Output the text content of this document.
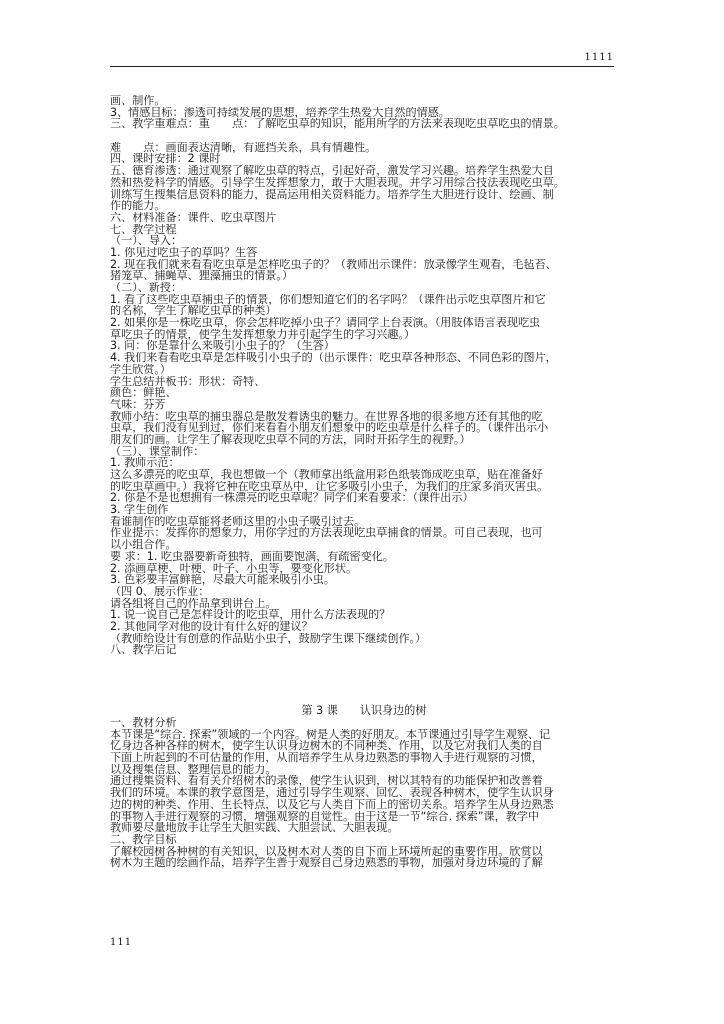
1111
画、制作。
3、情感目标：渗透可持续发展的思想，培养学生热爱大自然的情感。
三、教学重难点：重　　点：了解吃虫草的知识，能用所学的方法来表现吃虫草吃虫的情景。
难　　点：画面表达清晰，有遮挡关系，具有情趣性。
四、课时安排：2 课时
五、德育渗透：通过观察了解吃虫草的特点，引起好奇，激发学习兴趣。培养学生热爱大自
然和热爱科学的情感。引导学生发挥想象力，敢于大胆表现。并学习用综合技法表现吃虫草。
训练写生搜集信息资料的能力，提高运用相关资料能力。培养学生大胆进行设计、绘画、制
作的能力。
六、材料准备：课件、吃虫草图片
七、教学过程
（一）、导入：
1. 你见过吃虫子的草吗？生答
2. 现在我们就来看看吃虫草是怎样吃虫子的？（教师出示课件：放录像学生观看，毛毡苔、
猪笼草、捕蝇草、狸藻捕虫的情景。）
（二）、新授：
1. 看了这些吃虫草捕虫子的情景，你们想知道它们的名字吗？（课件出示吃虫草图片和它
的名称，学生了解吃虫草的种类）
2. 如果你是一株吃虫草，你会怎样吃掉小虫子？请同学上台表演。（用肢体语言表现吃虫
草吃虫子的情景，使学生发挥想象力并引起学生的学习兴趣。）
3. 问：你是靠什么来吸引小虫子的？（生答）
4. 我们来看看吃虫草是怎样吸引小虫子的（出示课件：吃虫草各种形态、不同色彩的图片，
学生欣赏。）
学生总结并板书：形状：奇特、
颜色：鲜艳、
气味：芬芳
教师小结：吃虫草的捕虫器总是散发着诱虫的魅力。在世界各地的很多地方还有其他的吃
虫草，我们没有见到过，你们来看看小朋友们想象中的吃虫草是什么样子的。（课件出示小
朋友们的画。让学生了解表现吃虫草不同的方法，同时开拓学生的视野。）
（三）、课堂制作：
1. 教师示范：
这么多漂亮的吃虫草，我也想做一个（教师拿出纸盒用彩色纸装饰成吃虫草，贴在准备好
的吃虫草画中。）我将它种在吃虫草丛中，让它多吸引小虫子，为我们的庄家多消灭害虫。
2. 你是不是也想拥有一株漂亮的吃虫草呢？同学们来看要求：（课件出示）
3. 学生创作
看谁制作的吃虫草能将老师这里的小虫子吸引过去。
作业提示：发挥你的想象力，用你学过的方法表现吃虫草捕食的情景。可自己表现，也可
以小组合作。
要 求：1. 吃虫器要新奇独特，画面要饱满，有疏密变化。
2. 添画草梗、叶梗、叶子、小虫等，要变化形状。
3. 色彩要丰富鲜艳，尽最大可能来吸引小虫。
（四 0、展示作业：
请各组将自己的作品拿到讲台上。
1. 说一说自己是怎样设计的吃虫草，用什么方法表现的？
2. 其他同学对他的设计有什么好的建议？
（教师给设计有创意的作品贴小虫子，鼓励学生课下继续创作。）
八、教学后记
第 3 课 认识身边的树
一、教材分析
本节课是“综合. 探索”领域的一个内容。树是人类的好朋友。本节课通过引导学生观察、记
忆身边各种各样的树木，使学生认识身边树木的不同种类、作用，以及它对我们人类的自
下面上所起到的不可估量的作用，从而培养学生从身边熟悉的事物入手进行观察的习惯，
以及搜集信息、整理信息的能力。
通过搜集资料、看有关介绍树木的录像，使学生认识到，树以其特有的功能保护和改善着
我们的环境。本课的教学意图是，通过引导学生观察、回忆、表现各种树木，使学生认识身
边的树的种类、作用、生长特点，以及它与人类自下而上的密切关系。培养学生从身边熟悉
的事物入手进行观察的习惯，增强观察的自觉性。由于这是一节“综合. 探索”课，教学中
教师要尽量地放手让学生大胆实践、大胆尝试、大胆表现。
二、教学目标
了解校园树各种树的有关知识，以及树木对人类的自下而上环境所起的重要作用。欣赏以
树木为主题的绘画作品，培养学生善于观察自己身边熟悉的事物，加强对身边环境的了解
111
